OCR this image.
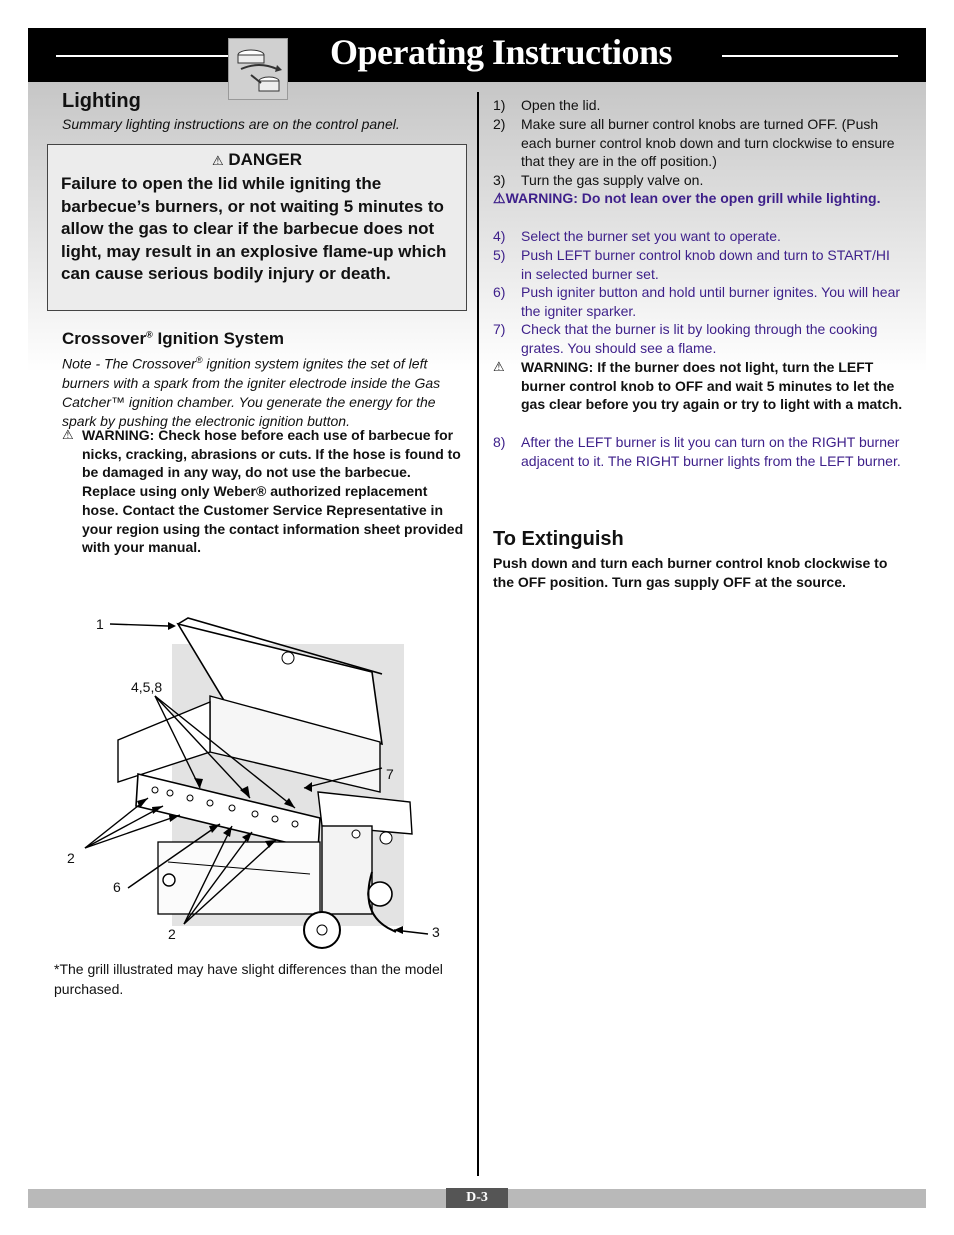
Operating Instructions
Lighting
Summary lighting instructions are on the control panel.
⚠ DANGER
Failure to open the lid while igniting the barbecue’s burners, or not waiting 5 minutes to allow the gas to clear if the barbecue does not light, may result in an explosive flame-up which can cause serious bodily injury or death.
Crossover® Ignition System
Note - The Crossover® ignition system ignites the set of left burners with a spark from the igniter electrode inside the Gas Catcher™ ignition chamber. You generate the energy for the spark by pushing the electronic ignition button.
⚠ WARNING: Check hose before each use of barbecue for nicks, cracking, abrasions or cuts. If the hose is found to be damaged in any way, do not use the barbecue. Replace using only Weber® authorized replacement hose. Contact the Customer Service Representative in your region using the contact information sheet provided with your manual.
1
4,5,8
7
2
6
2	3
*The grill illustrated may have slight differences than the model purchased.
1)	Open the lid.
2)	Make sure all burner control knobs are turned OFF. (Push each burner control knob down and turn clockwise to ensure that they are in the off position.)
3)	Turn the gas supply valve on.
⚠WARNING: Do not lean over the open grill while lighting.
4)	Select the burner set you want to operate.
5)	Push LEFT burner control knob down and turn to START/HI in selected burner set.
6)	Push igniter button and hold until burner ignites. You will hear the igniter sparker.
7)	Check that the burner is lit by looking through the cooking grates. You should see a flame.
⚠	WARNING: If the burner does not light, turn the LEFT burner control knob to OFF and wait 5 minutes to let the gas clear before you try again or try to light with a match.
8)	After the LEFT burner is lit you can turn on the RIGHT burner adjacent to it. The RIGHT burner lights from the LEFT burner.
To Extinguish
Push down and turn each burner control knob clockwise to the OFF position. Turn gas supply OFF at the source.
D-3
